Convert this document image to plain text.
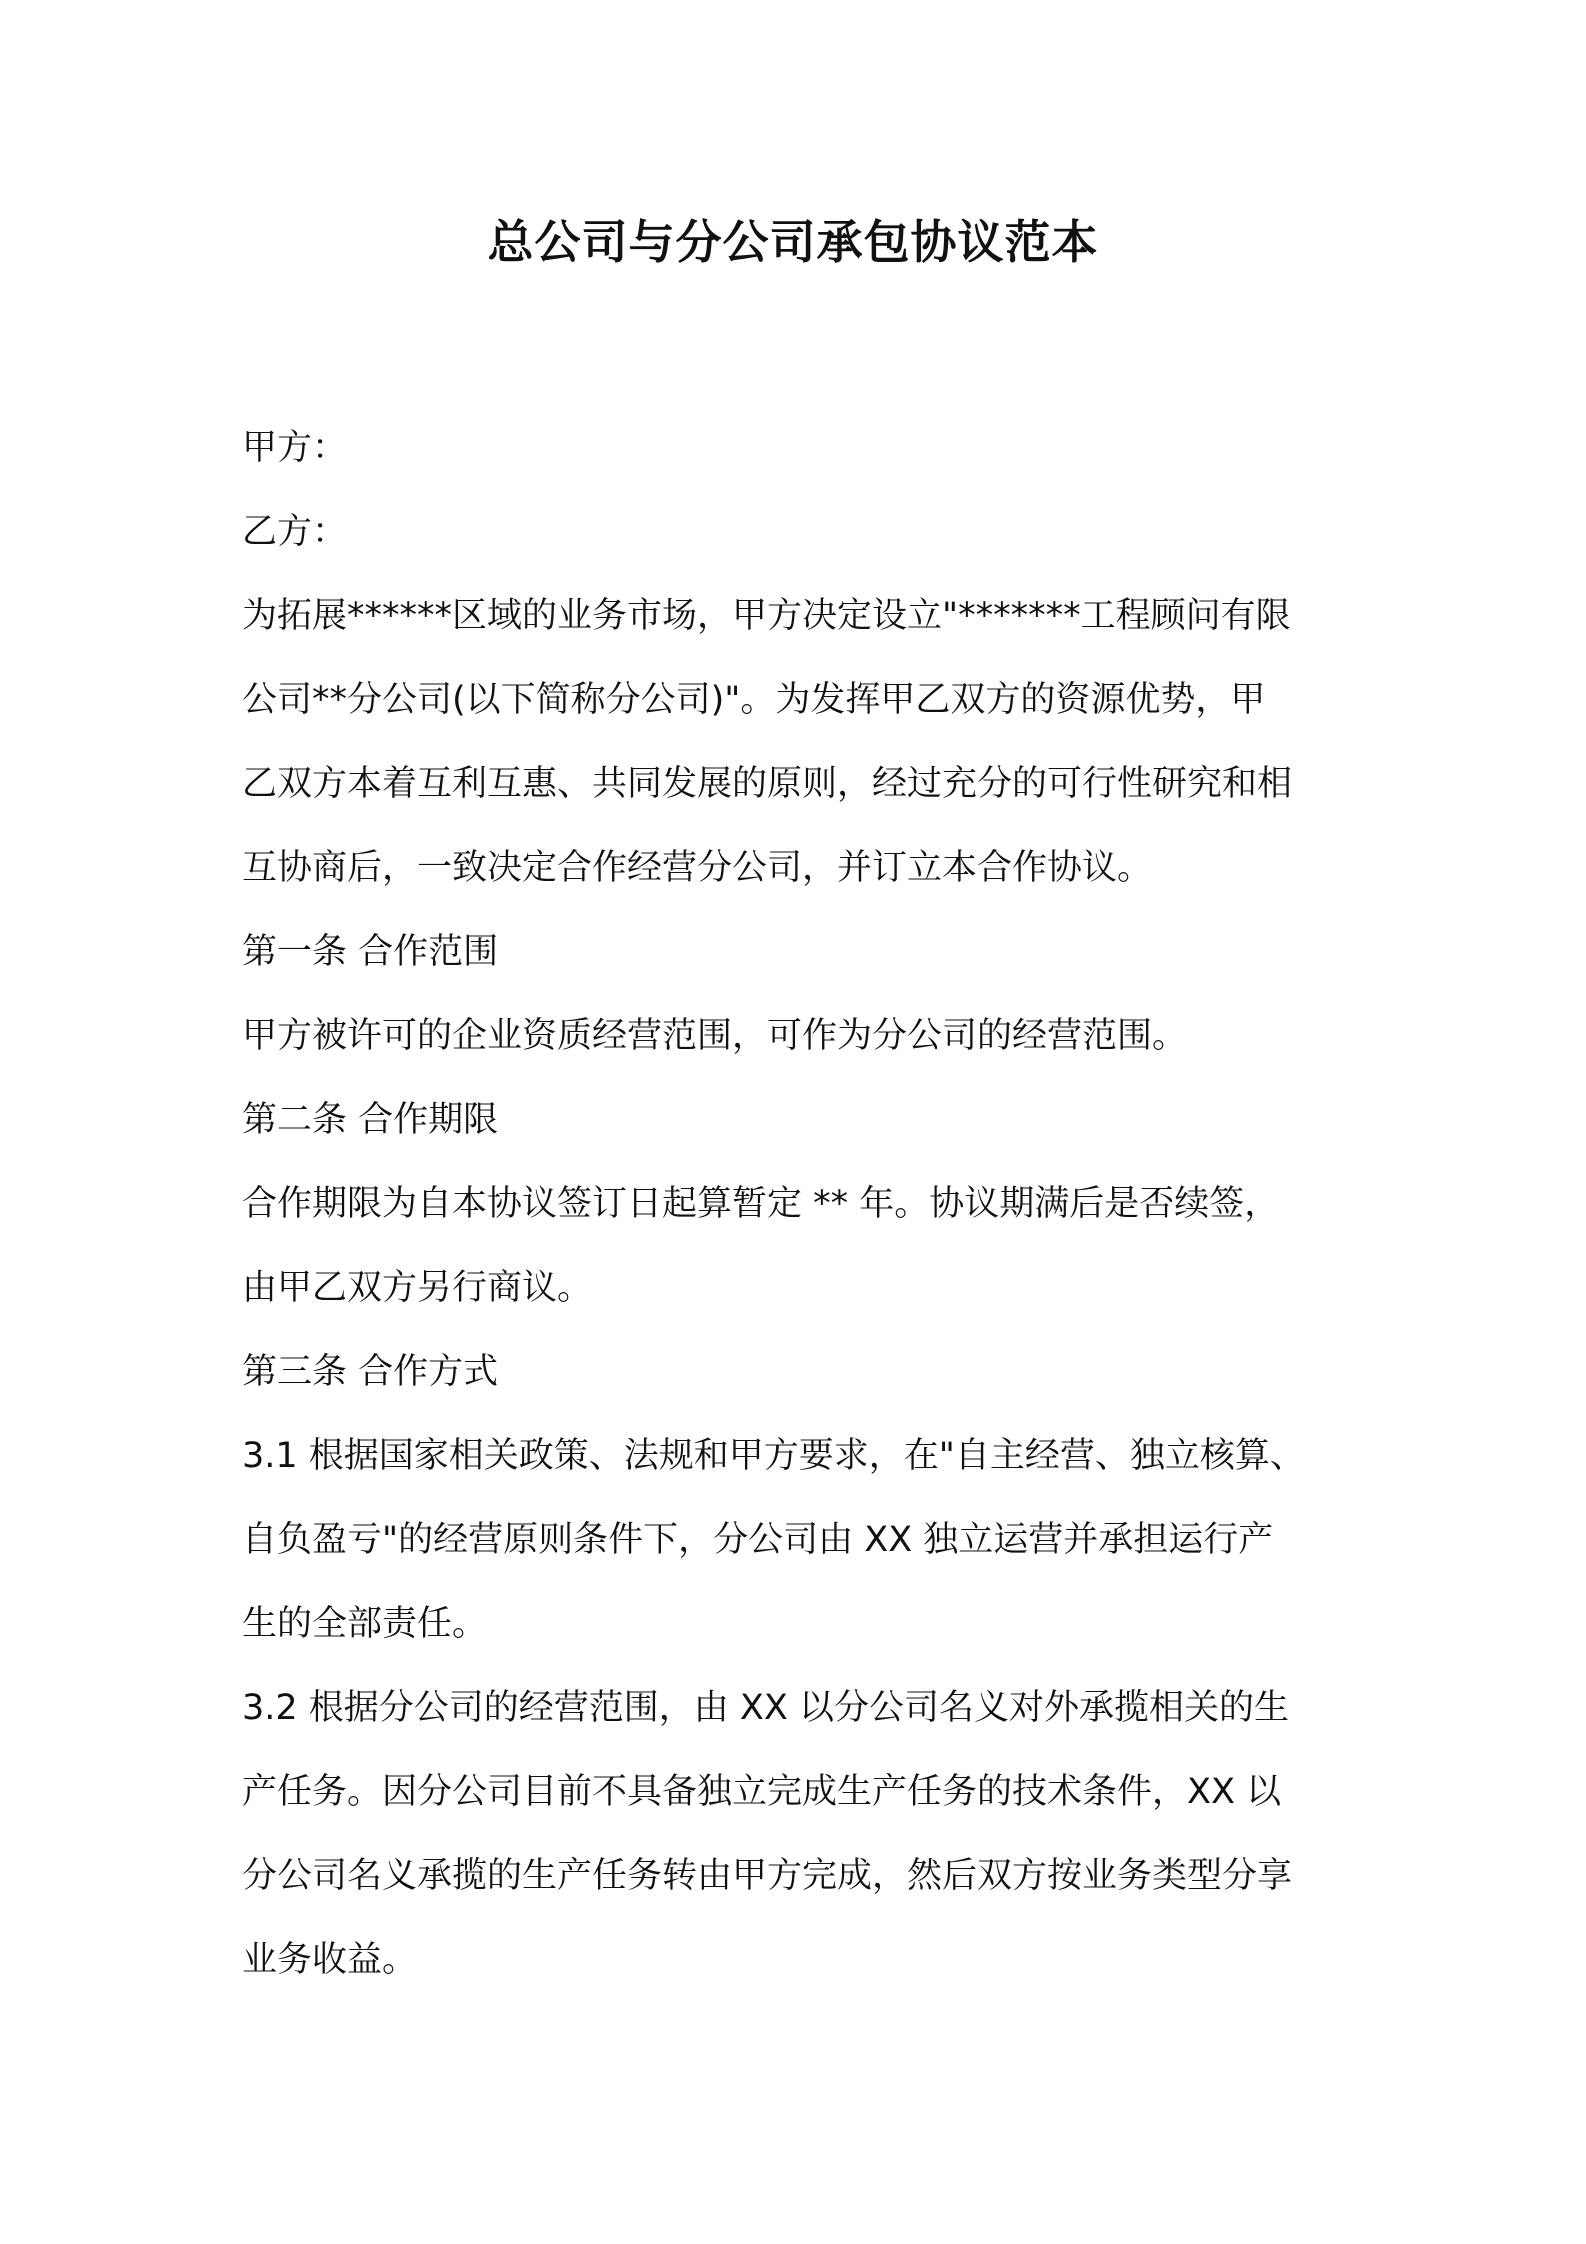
总公司与分公司承包协议范本

甲方：

乙方：

为拓展******区域的业务市场，甲方决定设立"*******工程顾问有限
公司**分公司(以下简称分公司)"。为发挥甲乙双方的资源优势，甲
乙双方本着互利互惠、共同发展的原则，经过充分的可行性研究和相
互协商后，一致决定合作经营分公司，并订立本合作协议。

第一条 合作范围

甲方被许可的企业资质经营范围，可作为分公司的经营范围。

第二条 合作期限

合作期限为自本协议签订日起算暂定 ** 年。协议期满后是否续签，
由甲乙双方另行商议。

第三条 合作方式

3.1 根据国家相关政策、法规和甲方要求，在"自主经营、独立核算、
自负盈亏"的经营原则条件下，分公司由 XX 独立运营并承担运行产
生的全部责任。

3.2 根据分公司的经营范围，由 XX 以分公司名义对外承揽相关的生
产任务。因分公司目前不具备独立完成生产任务的技术条件，XX 以
分公司名义承揽的生产任务转由甲方完成，然后双方按业务类型分享
业务收益。
